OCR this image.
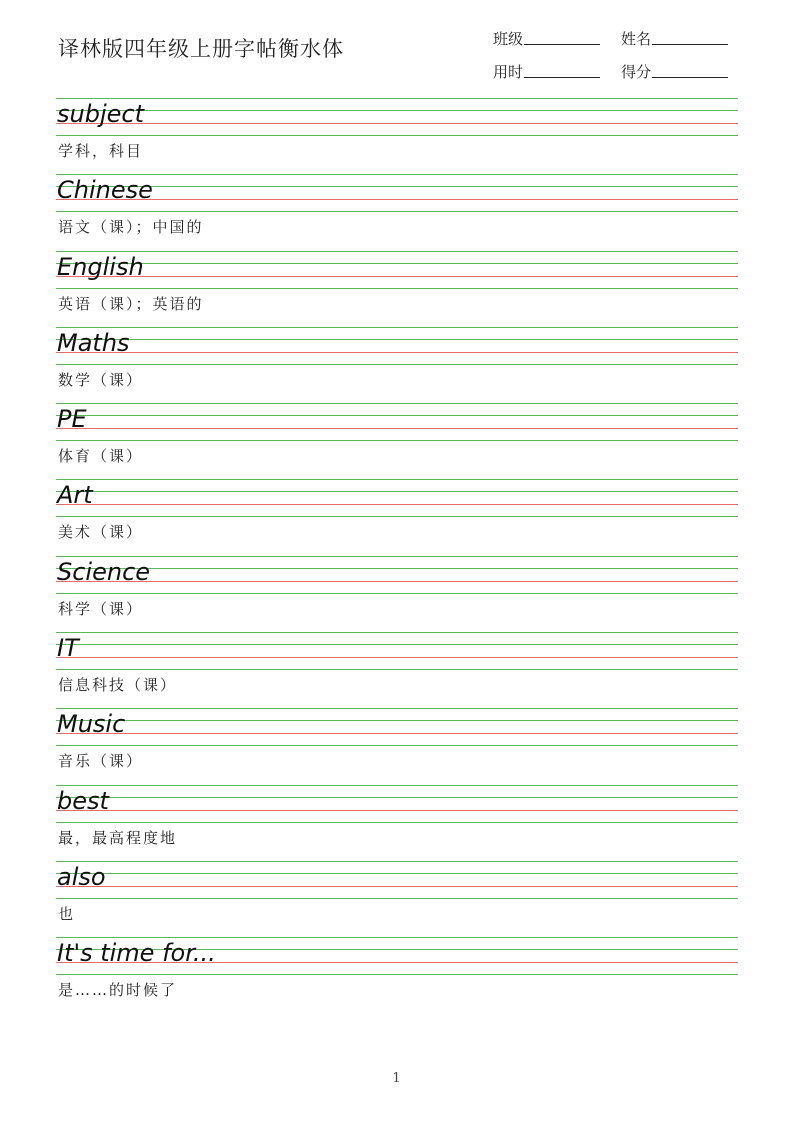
译林版四年级上册字帖衡水体	班级	姓名
用时	得分
subject
学科，科目
Chinese
语文（课）；中国的
English
英语（课）；英语的
Maths
数学（课）
PE
体育（课）
Art
美术（课）
Science
科学（课）
IT
信息科技（课）
Music
音乐（课）
best
最，最高程度地
also
也
It's time for...
是……的时候了
1
